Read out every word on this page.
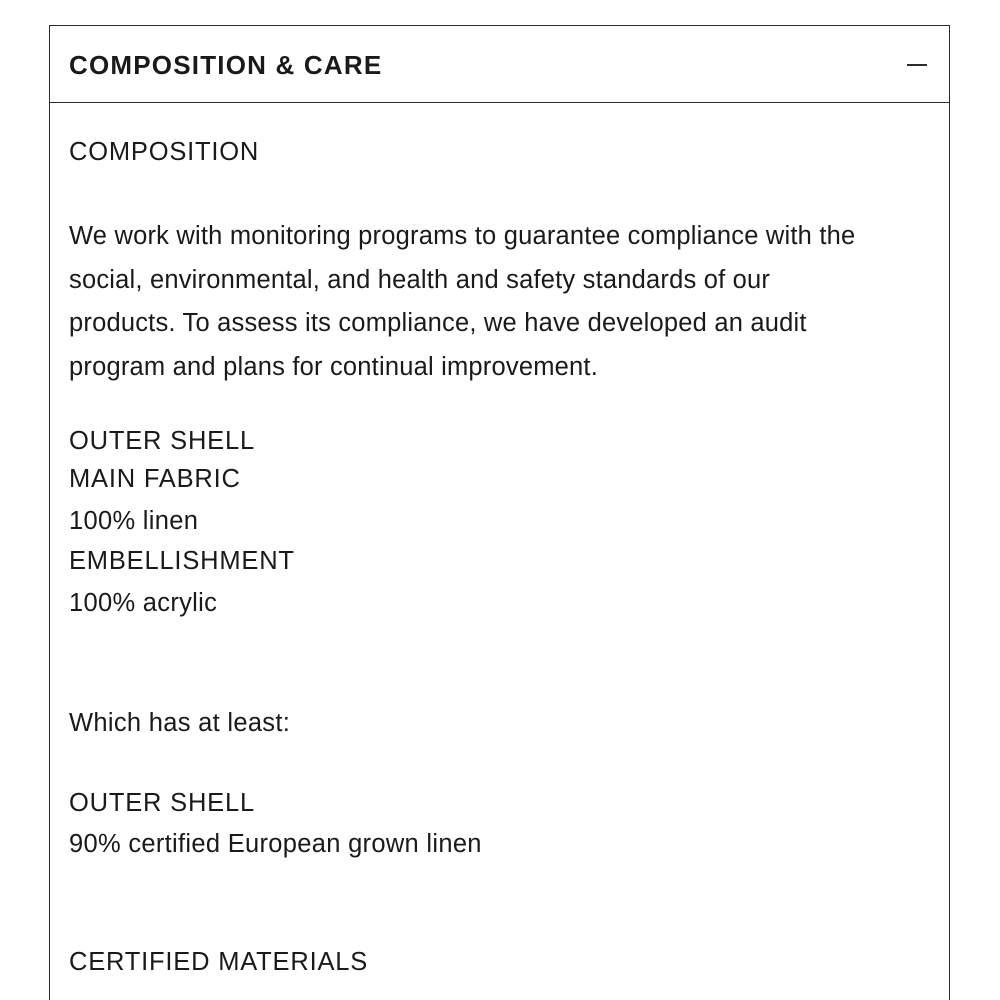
COMPOSITION & CARE
COMPOSITION
We work with monitoring programs to guarantee compliance with the
social, environmental, and health and safety standards of our
products. To assess its compliance, we have developed an audit
program and plans for continual improvement.
OUTER SHELL
MAIN FABRIC
100% linen
EMBELLISHMENT
100% acrylic
Which has at least:
OUTER SHELL
90% certified European grown linen
CERTIFIED MATERIALS
